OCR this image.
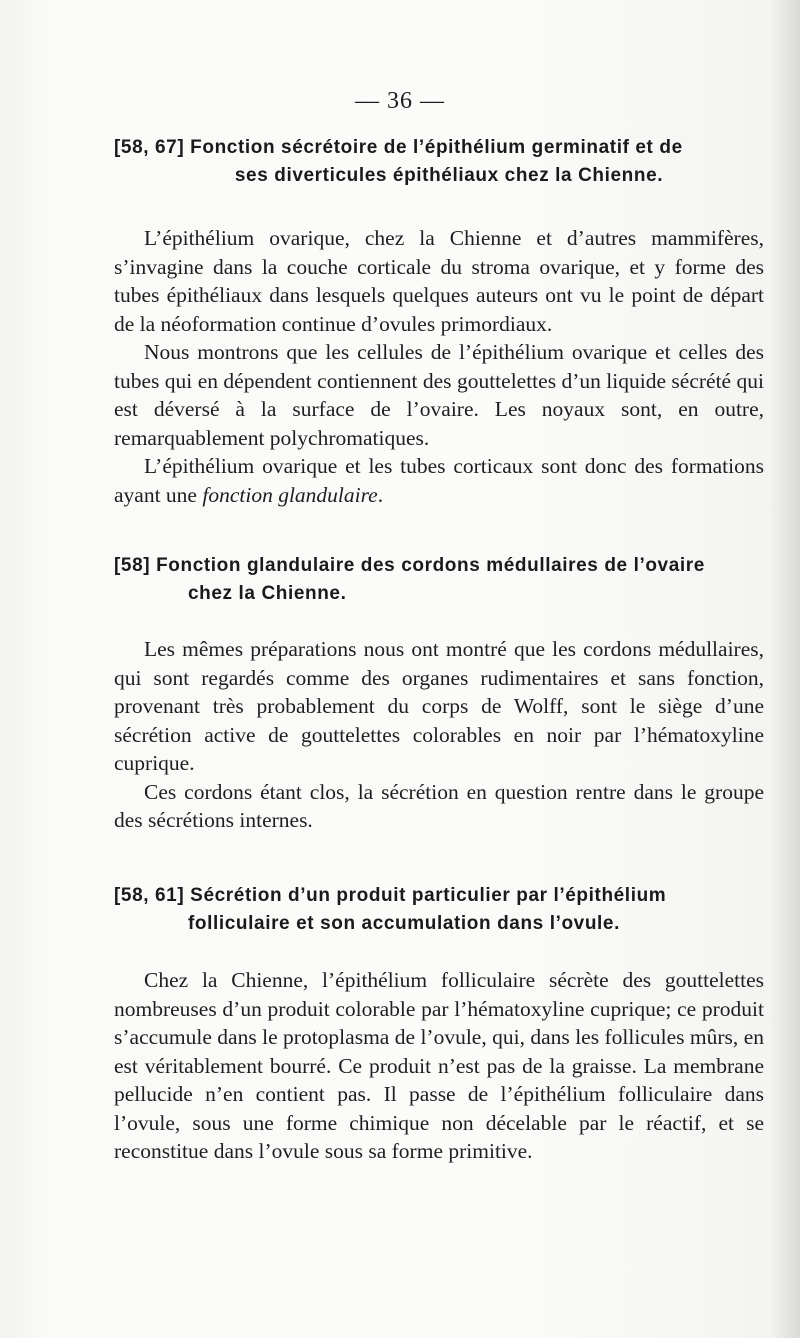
— 36 —
[58, 67] Fonction sécrétoire de l’épithélium germinatif et de
ses diverticules épithéliaux chez la Chienne.

L’épithélium ovarique, chez la Chienne et d’autres mammifères, s’invagine dans la couche corticale du stroma ovarique, et y forme des tubes épithéliaux dans lesquels quelques auteurs ont vu le point de départ de la néoformation continue d’ovules primordiaux.

Nous montrons que les cellules de l’épithélium ovarique et celles des tubes qui en dépendent contiennent des gouttelettes d’un liquide sécrété qui est déversé à la surface de l’ovaire. Les noyaux sont, en outre, remarquablement polychromatiques.

L’épithélium ovarique et les tubes corticaux sont donc des formations ayant une fonction glandulaire.

[58] Fonction glandulaire des cordons médullaires de l’ovaire
chez la Chienne.

Les mêmes préparations nous ont montré que les cordons médullaires, qui sont regardés comme des organes rudimentaires et sans fonction, provenant très probablement du corps de Wolff, sont le siège d’une sécrétion active de gouttelettes colorables en noir par l’hématoxyline cuprique.

Ces cordons étant clos, la sécrétion en question rentre dans le groupe des sécrétions internes.

[58, 61] Sécrétion d’un produit particulier par l’épithélium
folliculaire et son accumulation dans l’ovule.

Chez la Chienne, l’épithélium folliculaire sécrète des gouttelettes nombreuses d’un produit colorable par l’hématoxyline cuprique; ce produit s’accumule dans le protoplasma de l’ovule, qui, dans les follicules mûrs, en est véritablement bourré. Ce produit n’est pas de la graisse. La membrane pellucide n’en contient pas. Il passe de l’épithélium folliculaire dans l’ovule, sous une forme chimique non décelable par le réactif, et se reconstitue dans l’ovule sous sa forme primitive.
